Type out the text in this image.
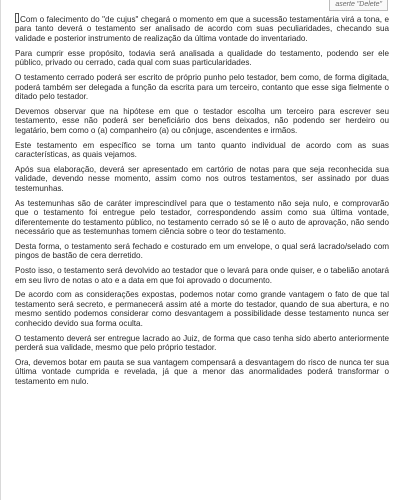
aserte "Delete"

Com o falecimento do "de cujus" chegará o momento em que a sucessão testamentária virá a tona, e para tanto deverá o testamento ser analisado de acordo com suas peculiaridades, checando sua validade e posterior instrumento de realização da última vontade do inventariado.

Para cumprir esse propósito, todavia será analisada a qualidade do testamento, podendo ser ele público, privado ou cerrado, cada qual com suas particularidades.

O testamento cerrado poderá ser escrito de próprio punho pelo testador, bem como, de forma digitada, poderá também ser delegada a função da escrita para um terceiro, contanto que esse siga fielmente o ditado pelo testador.

Devemos observar que na hipótese em que o testador escolha um terceiro para escrever seu testamento, esse não poderá ser beneficiário dos bens deixados, não podendo ser herdeiro ou legatário, bem como o (a) companheiro (a) ou cônjuge, ascendentes e irmãos.

Este testamento em específico se torna um tanto quanto individual de acordo com as suas características, as quais vejamos.

Após sua elaboração, deverá ser apresentado em cartório de notas para que seja reconhecida sua validade, devendo nesse momento, assim como nos outros testamentos, ser assinado por duas testemunhas.

As testemunhas são de caráter imprescindível para que o testamento não seja nulo, e comprovarão que o testamento foi entregue pelo testador, correspondendo assim como sua última vontade, diferentemente do testamento público, no testamento cerrado só se lê o auto de aprovação, não sendo necessário que as testemunhas tomem ciência sobre o teor do testamento.

Desta forma, o testamento será fechado e costurado em um envelope, o qual será lacrado/selado com pingos de bastão de cera derretido.

Posto isso, o testamento será devolvido ao testador que o levará para onde quiser, e o tabelião anotará em seu livro de notas o ato e a data em que foi aprovado o documento.

De acordo com as considerações expostas, podemos notar como grande vantagem o fato de que tal testamento será secreto, e permanecerá assim até a morte do testador, quando de sua abertura, e no mesmo sentido podemos considerar como desvantagem a possibilidade desse testamento nunca ser conhecido devido sua forma oculta.

O testamento deverá ser entregue lacrado ao Juiz, de forma que caso tenha sido aberto anteriormente perderá sua validade, mesmo que pelo próprio testador.

Ora, devemos botar em pauta se sua vantagem compensará a desvantagem do risco de nunca ter sua última vontade cumprida e revelada, já que a menor das anormalidades poderá transformar o testamento em nulo.
